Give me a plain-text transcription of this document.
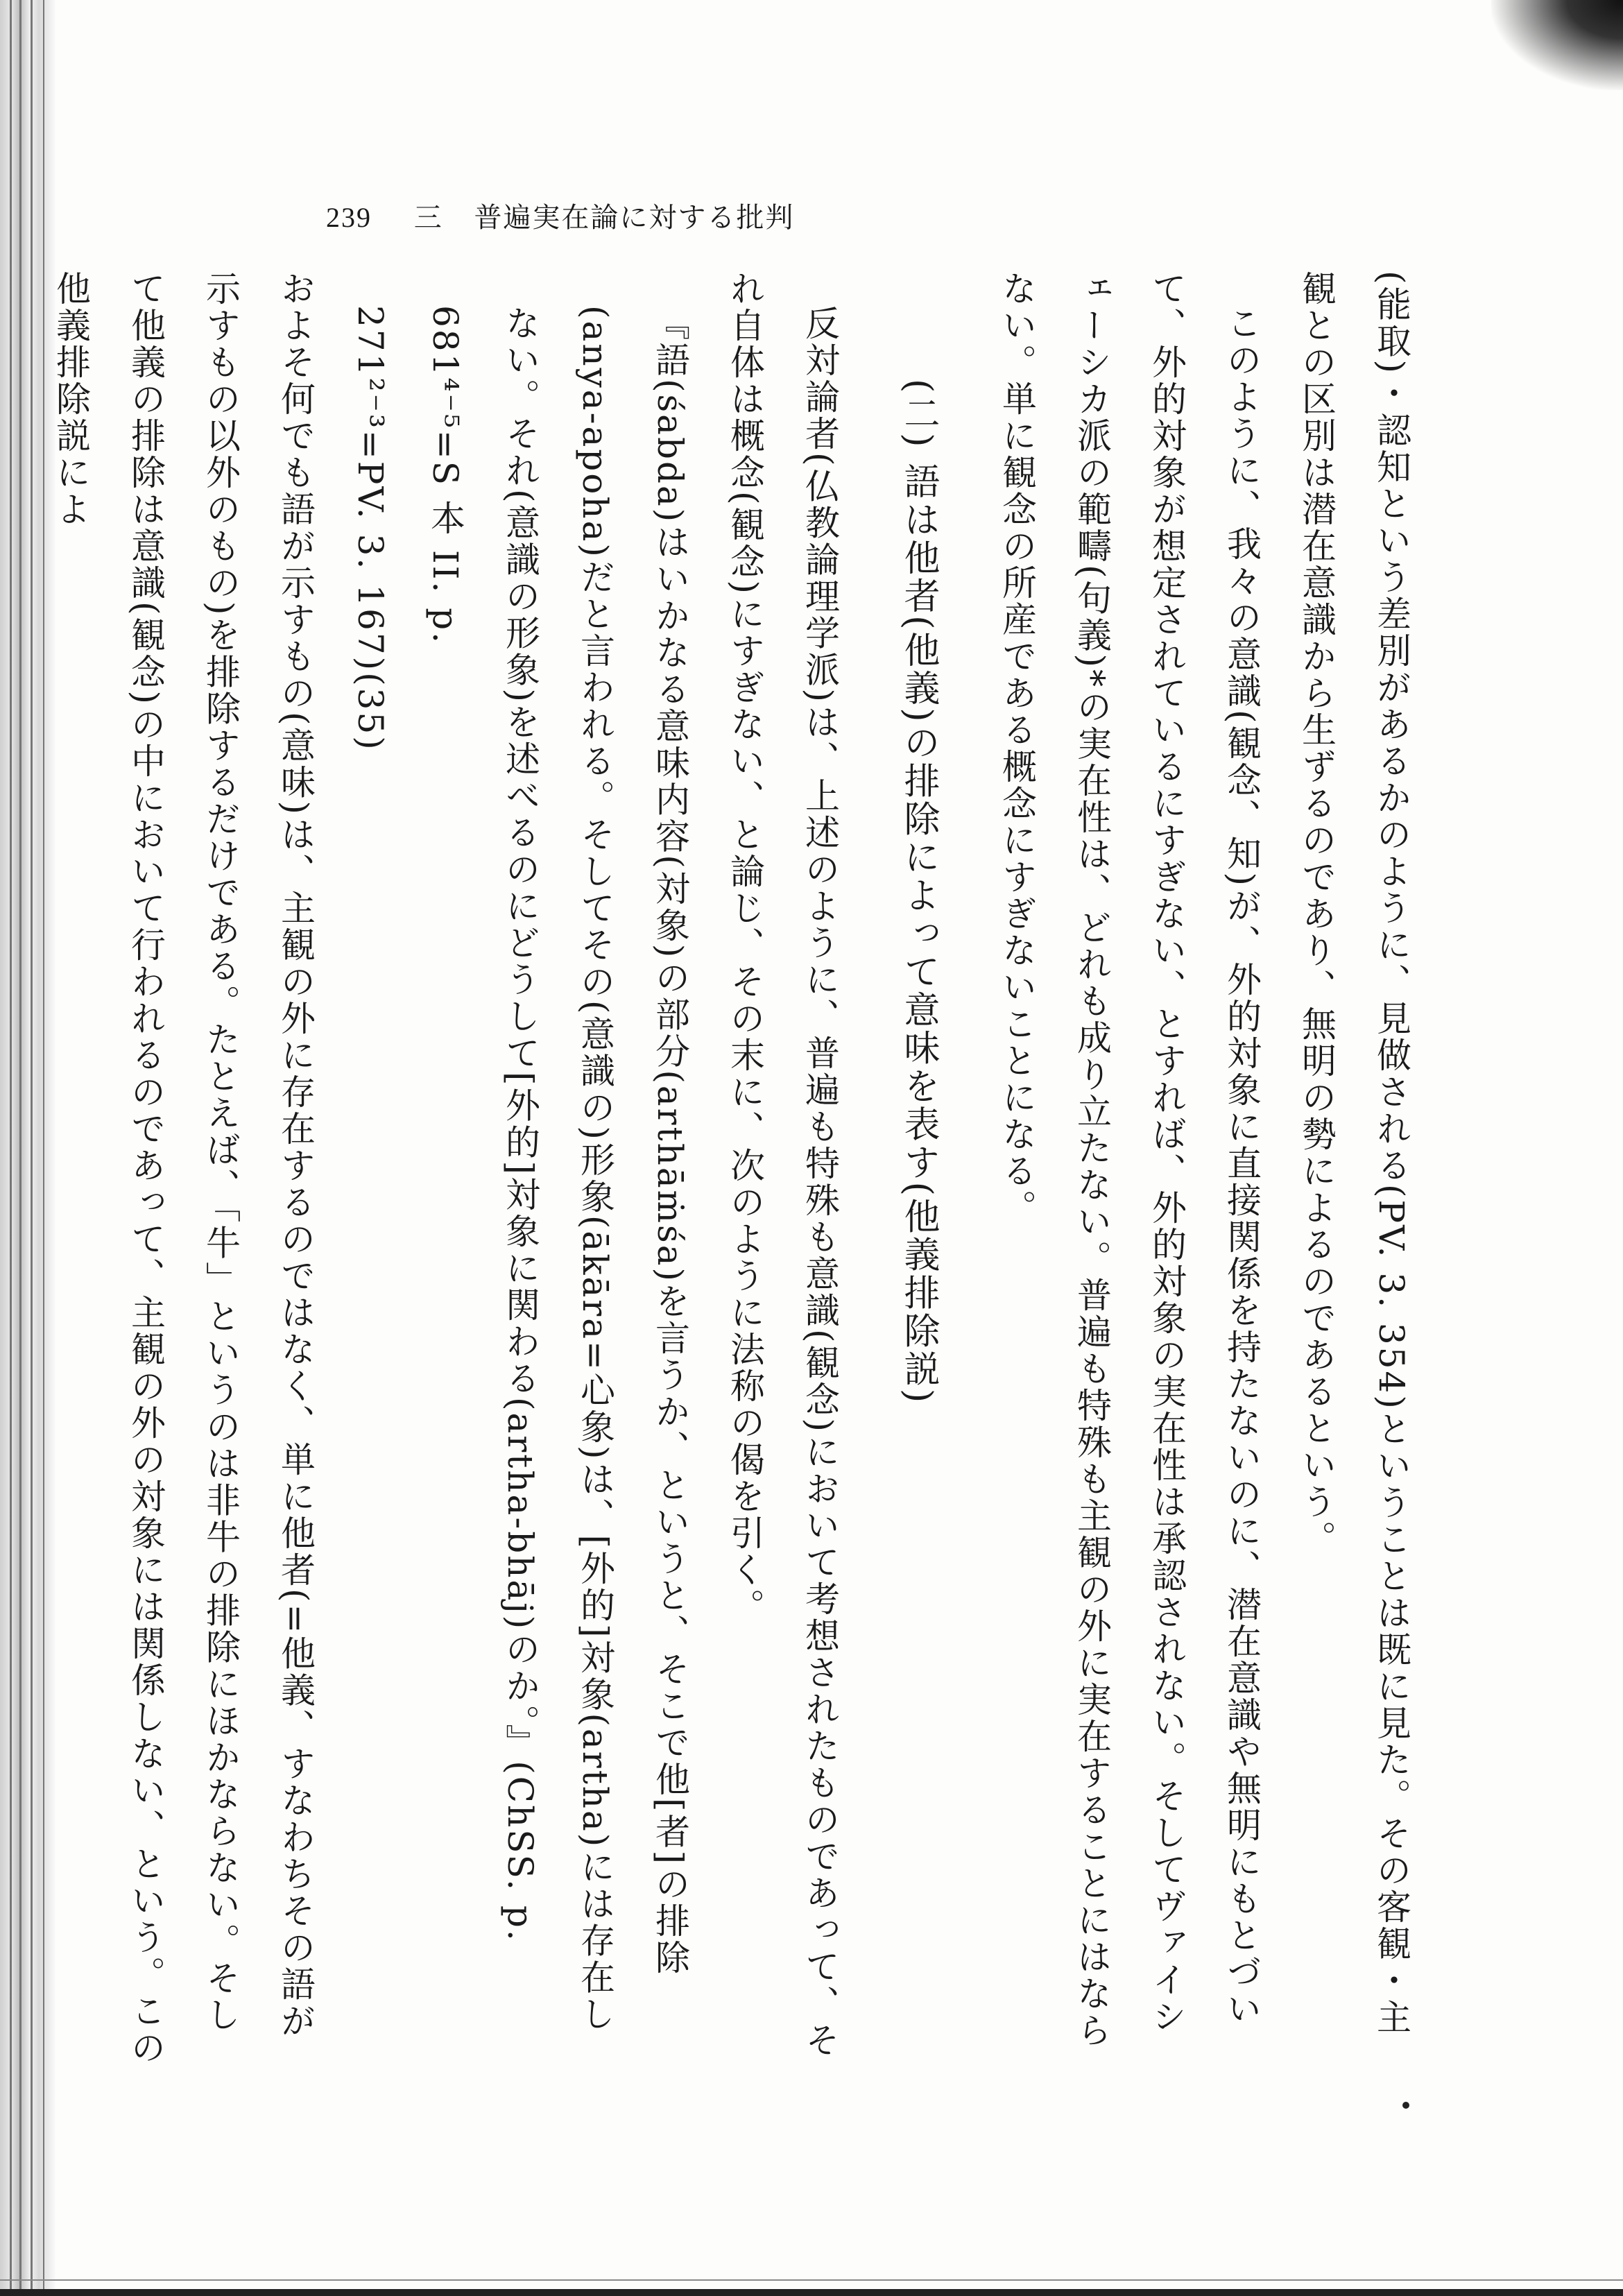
239 三 普遍実在論に対する批判

(能取)・認知という差別があるかのように、見做される(PV. 3. 354)ということは既に見た。その客観・主観との区別は潜在意識から生ずるのであり、無明の勢によるのであるという。

このように、我々の意識(観念、知)が、外的対象に直接関係を持たないのに、潜在意識や無明にもとづいて、外的対象が想定されているにすぎない、とすれば、外的対象の実在性は承認されない。そしてヴァイシェーシカ派の範疇(句義)*の実在性は、どれも成り立たない。普遍も特殊も主観の外に実在することにはならない。単に観念の所産である概念にすぎないことになる。

(二) 語は他者(他義)の排除によって意味を表す(他義排除説)

反対論者(仏教論理学派)は、上述のように、普遍も特殊も意識(観念)において考想されたものであって、それ自体は概念(観念)にすぎない、と論じ、その末に、次のように法称の偈を引く。

『語(śabda)はいかなる意味内容(対象)の部分(arthāṁśa)を言うか、というと、そこで他[者]の排除(anya-apoha)だと言われる。そしてその(意識の)形象(ākāra=心象)は、[外的]対象(artha)には存在しない。それ(意識の形象)を述べるのにどうして[外的]対象に関わる(artha-bhāj)のか。』(ChSS. p. 681⁴⁻⁵=S 本 II. p.

271²⁻³=PV. 3. 167)(35)

およそ何でも語が示すもの(意味)は、主観の外に存在するのではなく、単に他者(=他義、すなわちその語が示すもの以外のもの)を排除するだけである。たとえば、「牛」というのは非牛の排除にほかならない。そして他義の排除は意識(観念)の中において行われるのであって、主観の外の対象には関係しない、という。この他義排除説によ
